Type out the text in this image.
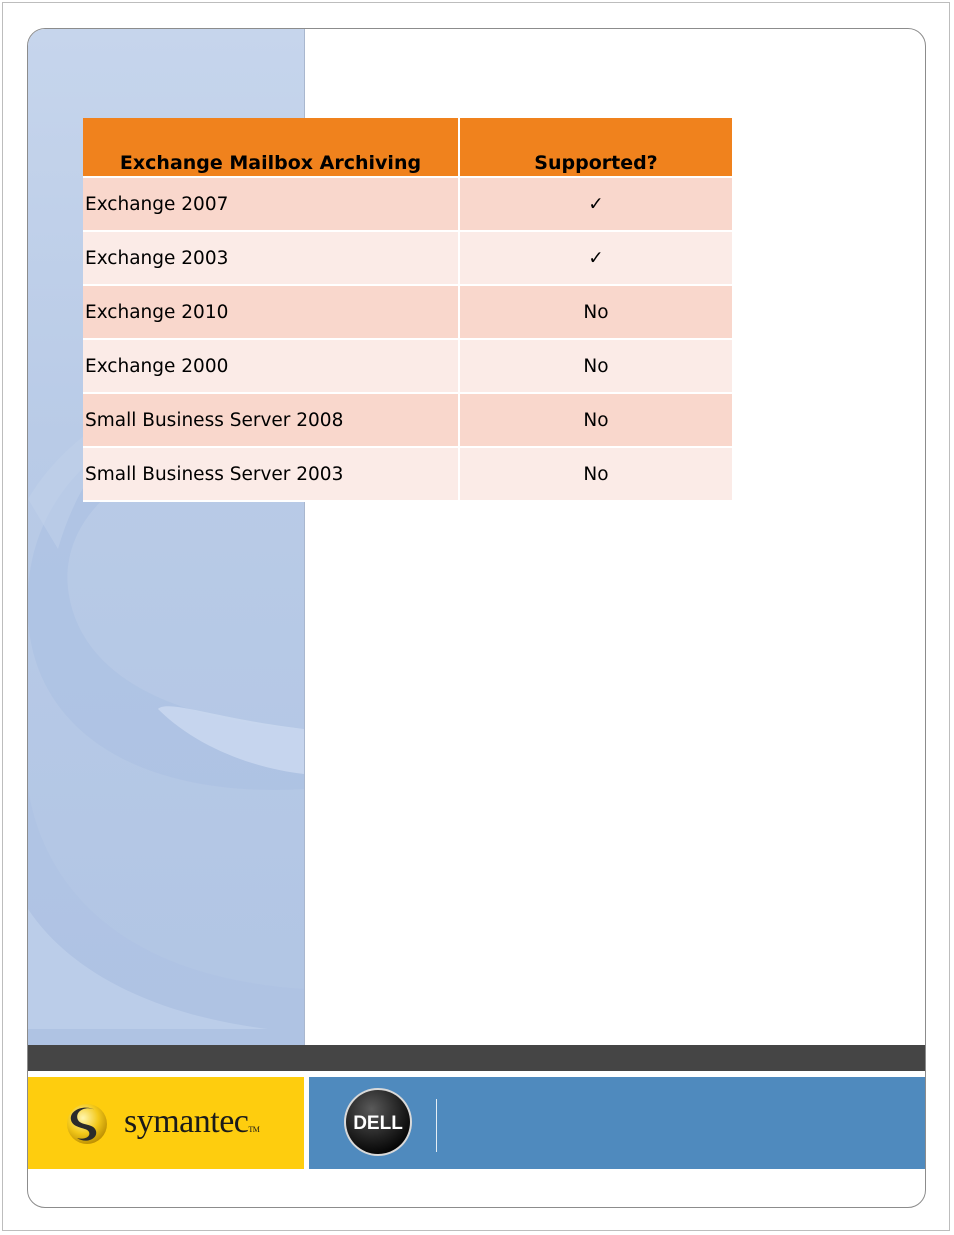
symantecTM	DELL
Exchange Mailbox Archiving	Supported?
Exchange 2007	✓
Exchange 2003	✓
Exchange 2010	No
Exchange 2000	No
Small Business Server 2008	No
Small Business Server 2003	No
